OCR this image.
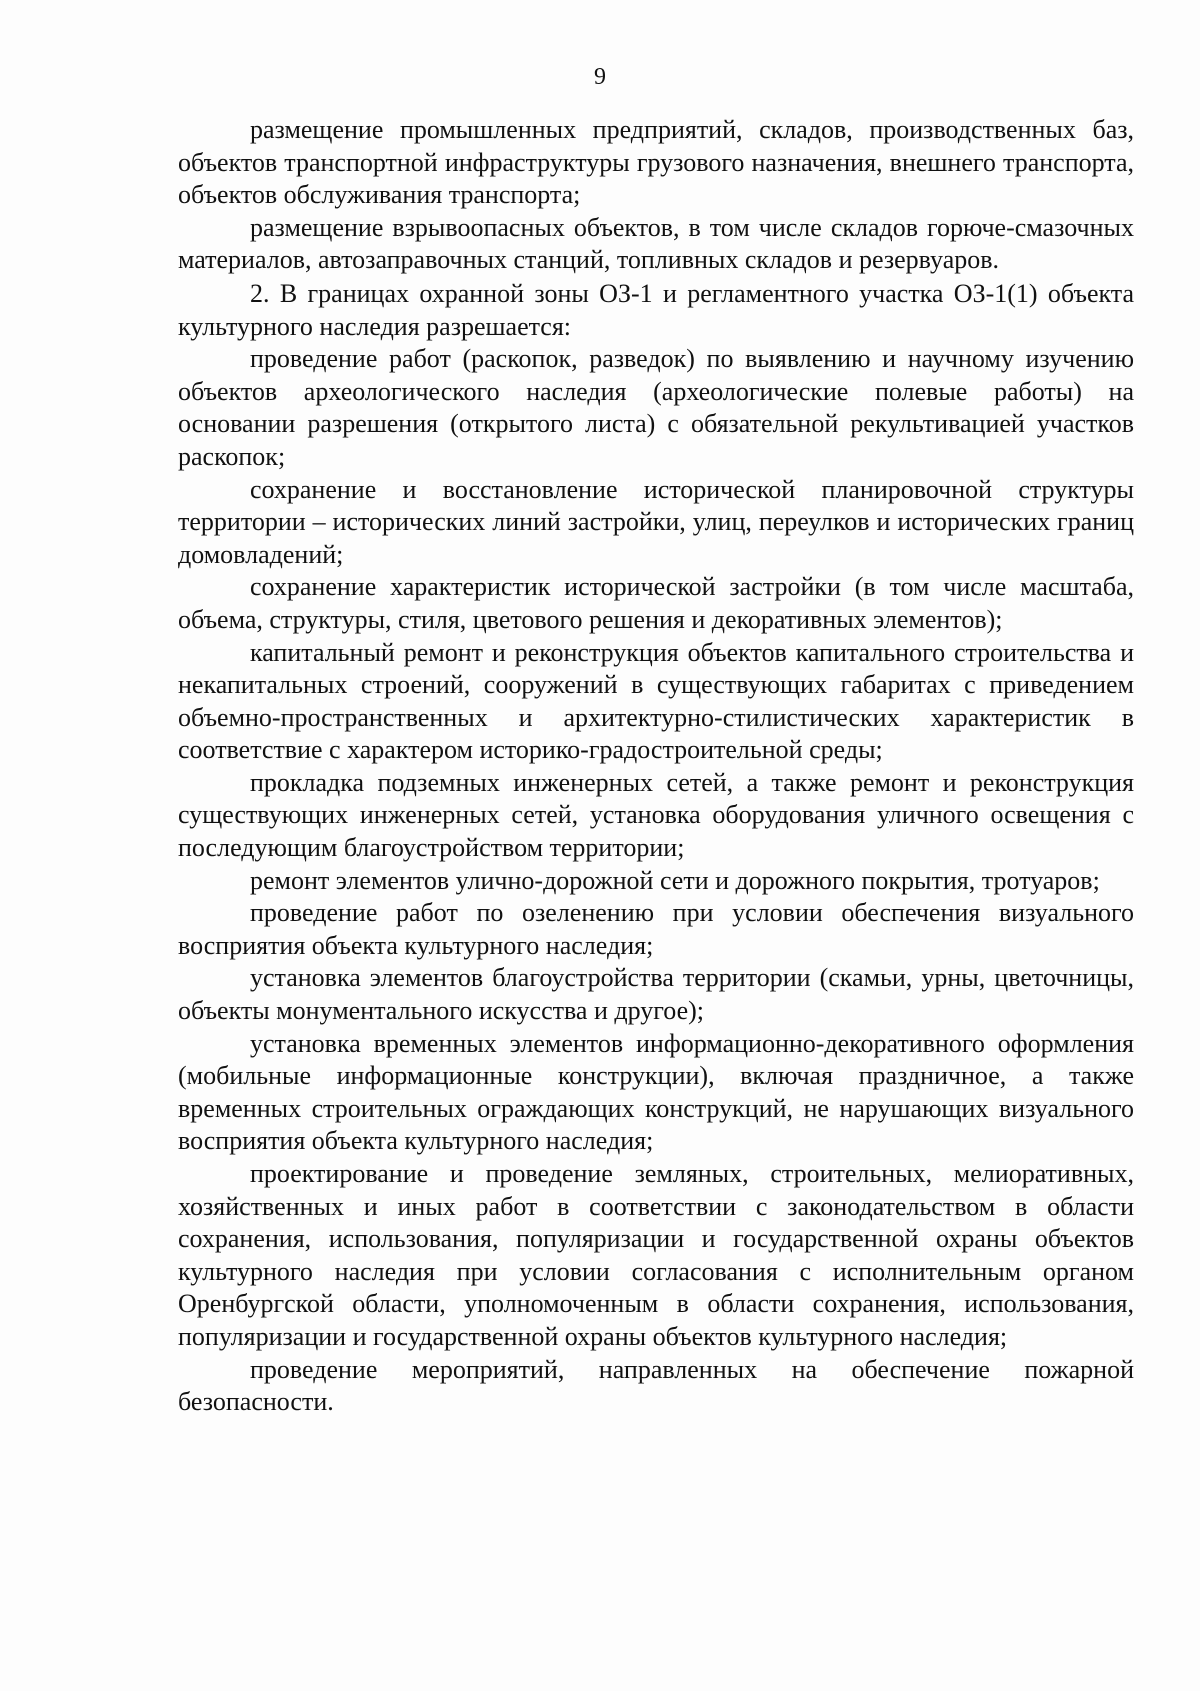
9

размещение промышленных предприятий, складов, производственных баз, объектов транспортной инфраструктуры грузового назначения, внешнего транспорта, объектов обслуживания транспорта;

размещение взрывоопасных объектов, в том числе складов горюче-смазочных материалов, автозаправочных станций, топливных складов и резервуаров.

2. В границах охранной зоны ОЗ-1 и регламентного участка ОЗ-1(1) объекта культурного наследия разрешается:

проведение работ (раскопок, разведок) по выявлению и научному изучению объектов археологического наследия (археологические полевые работы) на основании разрешения (открытого листа) с обязательной рекультивацией участков раскопок;

сохранение и восстановление исторической планировочной структуры территории – исторических линий застройки, улиц, переулков и исторических границ домовладений;

сохранение характеристик исторической застройки (в том числе масштаба, объема, структуры, стиля, цветового решения и декоративных элементов);

капитальный ремонт и реконструкция объектов капитального строительства и некапитальных строений, сооружений в существующих габаритах с приведением объемно-пространственных и архитектурно-стилистических характеристик в соответствие с характером историко-градостроительной среды;

прокладка подземных инженерных сетей, а также ремонт и реконструкция существующих инженерных сетей, установка оборудования уличного освещения с последующим благоустройством территории;

ремонт элементов улично-дорожной сети и дорожного покрытия, тротуаров;

проведение работ по озеленению при условии обеспечения визуального восприятия объекта культурного наследия;

установка элементов благоустройства территории (скамьи, урны, цветочницы, объекты монументального искусства и другое);

установка временных элементов информационно-декоративного оформления (мобильные информационные конструкции), включая праздничное, а также временных строительных ограждающих конструкций, не нарушающих визуального восприятия объекта культурного наследия;

проектирование и проведение земляных, строительных, мелиоративных, хозяйственных и иных работ в соответствии с законодательством в области сохранения, использования, популяризации и государственной охраны объектов культурного наследия при условии согласования с исполнительным органом Оренбургской области, уполномоченным в области сохранения, использования, популяризации и государственной охраны объектов культурного наследия;

проведение мероприятий, направленных на обеспечение пожарной безопасности.
